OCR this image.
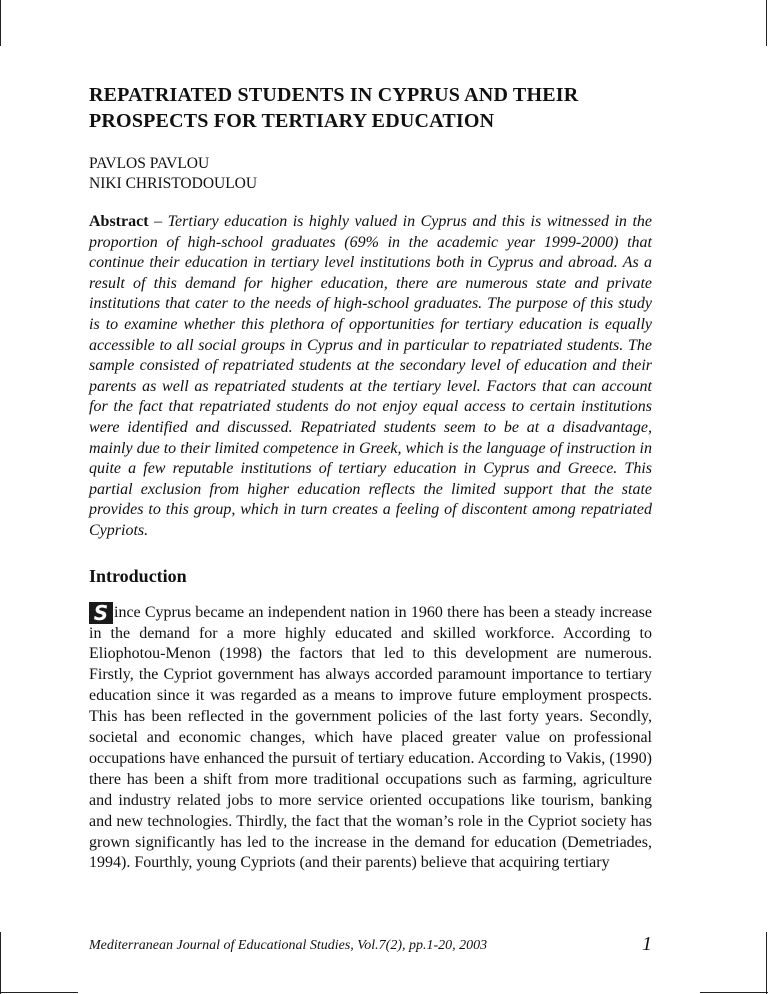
REPATRIATED STUDENTS IN CYPRUS AND THEIR
PROSPECTS FOR TERTIARY EDUCATION
PAVLOS PAVLOU
NIKI CHRISTODOULOU
Abstract – Tertiary education is highly valued in Cyprus and this is witnessed in the proportion of high-school graduates (69% in the academic year 1999-2000) that continue their education in tertiary level institutions both in Cyprus and abroad. As a result of this demand for higher education, there are numerous state and private institutions that cater to the needs of high-school graduates. The purpose of this study is to examine whether this plethora of opportunities for tertiary education is equally accessible to all social groups in Cyprus and in particular to repatriated students. The sample consisted of repatriated students at the secondary level of education and their parents as well as repatriated students at the tertiary level. Factors that can account for the fact that repatriated students do not enjoy equal access to certain institutions were identified and discussed. Repatriated students seem to be at a disadvantage, mainly due to their limited competence in Greek, which is the language of instruction in quite a few reputable institutions of tertiary education in Cyprus and Greece. This partial exclusion from higher education reflects the limited support that the state provides to this group, which in turn creates a feeling of discontent among repatriated Cypriots.
Introduction
S ince Cyprus became an independent nation in 1960 there has been a steady increase in the demand for a more highly educated and skilled workforce. According to Eliophotou-Menon (1998) the factors that led to this development are numerous. Firstly, the Cypriot government has always accorded paramount importance to tertiary education since it was regarded as a means to improve future employment prospects. This has been reflected in the government policies of the last forty years. Secondly, societal and economic changes, which have placed greater value on professional occupations have enhanced the pursuit of tertiary education. According to Vakis, (1990) there has been a shift from more traditional occupations such as farming, agriculture and industry related jobs to more service oriented occupations like tourism, banking and new technologies. Thirdly, the fact that the woman’s role in the Cypriot society has grown significantly has led to the increase in the demand for education (Demetriades, 1994). Fourthly, young Cypriots (and their parents) believe that acquiring tertiary
Mediterranean Journal of Educational Studies, Vol.7(2), pp.1-20, 2003	1
